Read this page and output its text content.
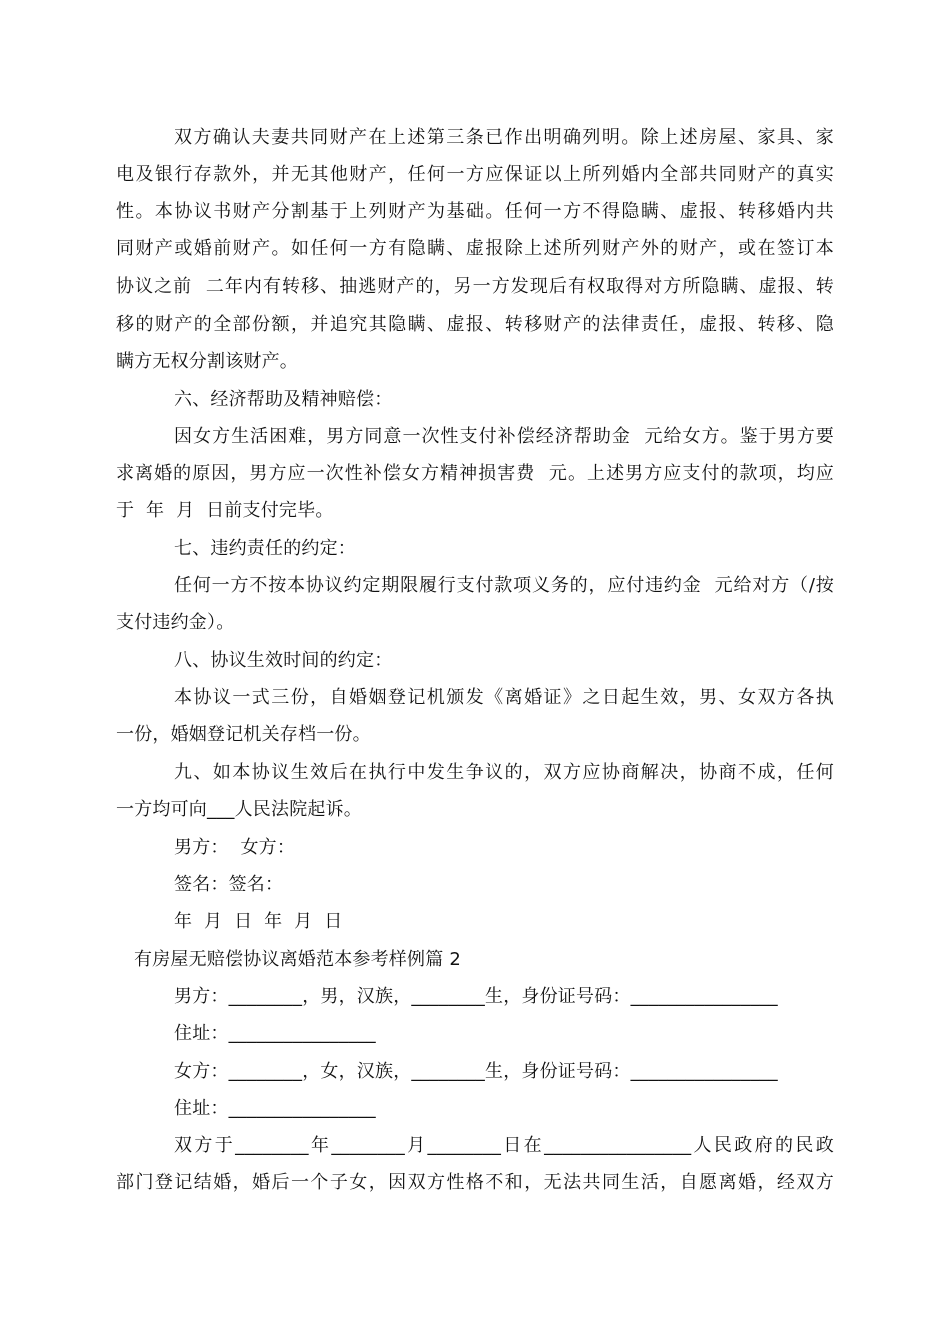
双方确认夫妻共同财产在上述第三条已作出明确列明。除上述房屋、家具、家
电及银行存款外，并无其他财产，任何一方应保证以上所列婚内全部共同财产的真实
性。本协议书财产分割基于上列财产为基础。任何一方不得隐瞒、虚报、转移婚内共
同财产或婚前财产。如任何一方有隐瞒、虚报除上述所列财产外的财产，或在签订本
协议之前  二年内有转移、抽逃财产的，另一方发现后有权取得对方所隐瞒、虚报、转
移的财产的全部份额，并追究其隐瞒、虚报、转移财产的法律责任，虚报、转移、隐
瞒方无权分割该财产。
六、经济帮助及精神赔偿：
因女方生活困难，男方同意一次性支付补偿经济帮助金  元给女方。鉴于男方要
求离婚的原因，男方应一次性补偿女方精神损害费  元。上述男方应支付的款项，均应
于  年  月  日前支付完毕。
七、违约责任的约定：
任何一方不按本协议约定期限履行支付款项义务的，应付违约金  元给对方（/按
支付违约金）。
八、协议生效时间的约定：
本协议一式三份，自婚姻登记机颁发《离婚证》之日起生效，男、女双方各执
一份，婚姻登记机关存档一份。
九、如本协议生效后在执行中发生争议的，双方应协商解决，协商不成，任何
一方均可向___人民法院起诉。
男方：  女方：
签名：签名：
年  月  日  年  月  日
有房屋无赔偿协议离婚范本参考样例篇 2
男方：________，男，汉族，________生，身份证号码：________________
住址：________________
女方：________，女，汉族，________生，身份证号码：________________
住址：________________
双方于________年________月________日在________________人民政府的民政
部门登记结婚，婚后一个子女，因双方性格不和，无法共同生活，自愿离婚，经双方
